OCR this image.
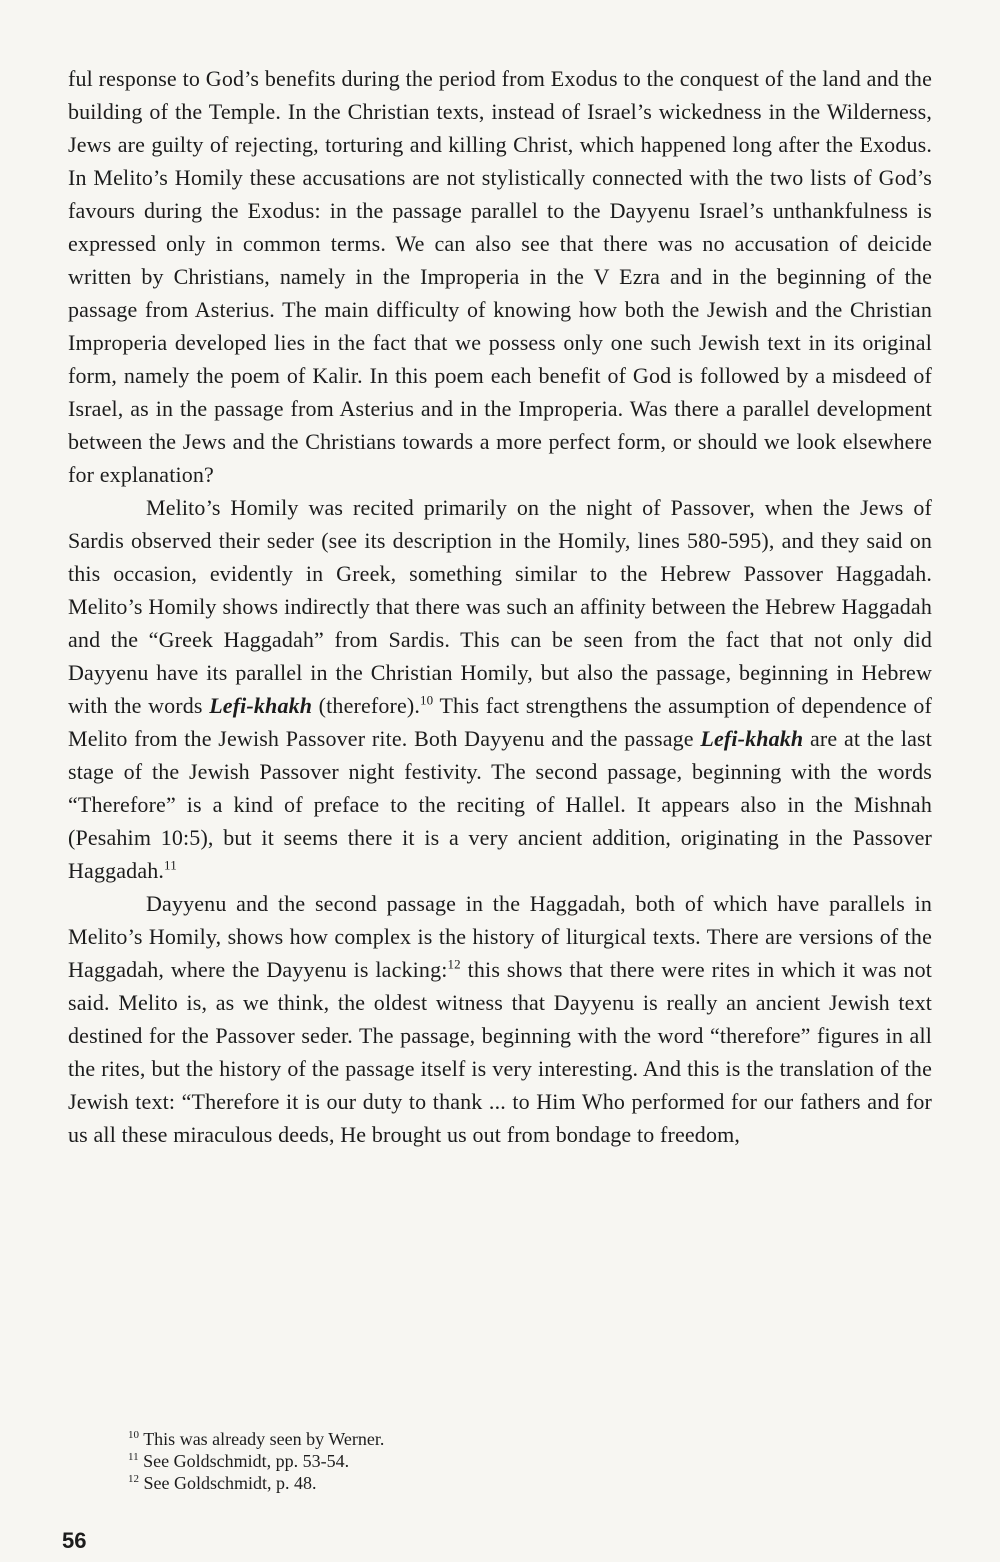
ful response to God’s benefits during the period from Exodus to the conquest of the land and the building of the Temple. In the Christian texts, instead of Israel’s wickedness in the Wilderness, Jews are guilty of rejecting, torturing and killing Christ, which happened long after the Exodus. In Melito’s Homily these accusations are not stylistically connected with the two lists of God’s favours during the Exodus: in the passage parallel to the Dayyenu Israel’s unthankfulness is expressed only in common terms. We can also see that there was no accusation of deicide written by Christians, namely in the Improperia in the V Ezra and in the beginning of the passage from Asterius. The main difficulty of knowing how both the Jewish and the Christian Improperia developed lies in the fact that we possess only one such Jewish text in its original form, namely the poem of Kalir. In this poem each benefit of God is followed by a misdeed of Israel, as in the passage from Asterius and in the Improperia. Was there a parallel development between the Jews and the Christians towards a more perfect form, or should we look elsewhere for explanation?

Melito’s Homily was recited primarily on the night of Passover, when the Jews of Sardis observed their seder (see its description in the Homily, lines 580-595), and they said on this occasion, evidently in Greek, something similar to the Hebrew Passover Haggadah. Melito’s Homily shows indirectly that there was such an affinity between the Hebrew Haggadah and the “Greek Haggadah” from Sardis. This can be seen from the fact that not only did Dayyenu have its parallel in the Christian Homily, but also the passage, beginning in Hebrew with the words Lefi-khakh (therefore).$^{10}$ This fact strengthens the assumption of dependence of Melito from the Jewish Passover rite. Both Dayyenu and the passage Lefi-khakh are at the last stage of the Jewish Passover night festivity. The second passage, beginning with the words “Therefore” is a kind of preface to the reciting of Hallel. It appears also in the Mishnah (Pesahim 10:5), but it seems there it is a very ancient addition, originating in the Passover Haggadah.$^{11}$

Dayyenu and the second passage in the Haggadah, both of which have parallels in Melito’s Homily, shows how complex is the history of liturgical texts. There are versions of the Haggadah, where the Dayyenu is lacking:$^{12}$ this shows that there were rites in which it was not said. Melito is, as we think, the oldest witness that Dayyenu is really an ancient Jewish text destined for the Passover seder. The passage, beginning with the word “therefore” figures in all the rites, but the history of the passage itself is very interesting. And this is the translation of the Jewish text: “Therefore it is our duty to thank ... to Him Who performed for our fathers and for us all these miraculous deeds, He brought us out from bondage to freedom,

$^{10}$ This was already seen by Werner.

$^{11}$ See Goldschmidt, pp. 53-54.

$^{12}$ See Goldschmidt, p. 48.

56
